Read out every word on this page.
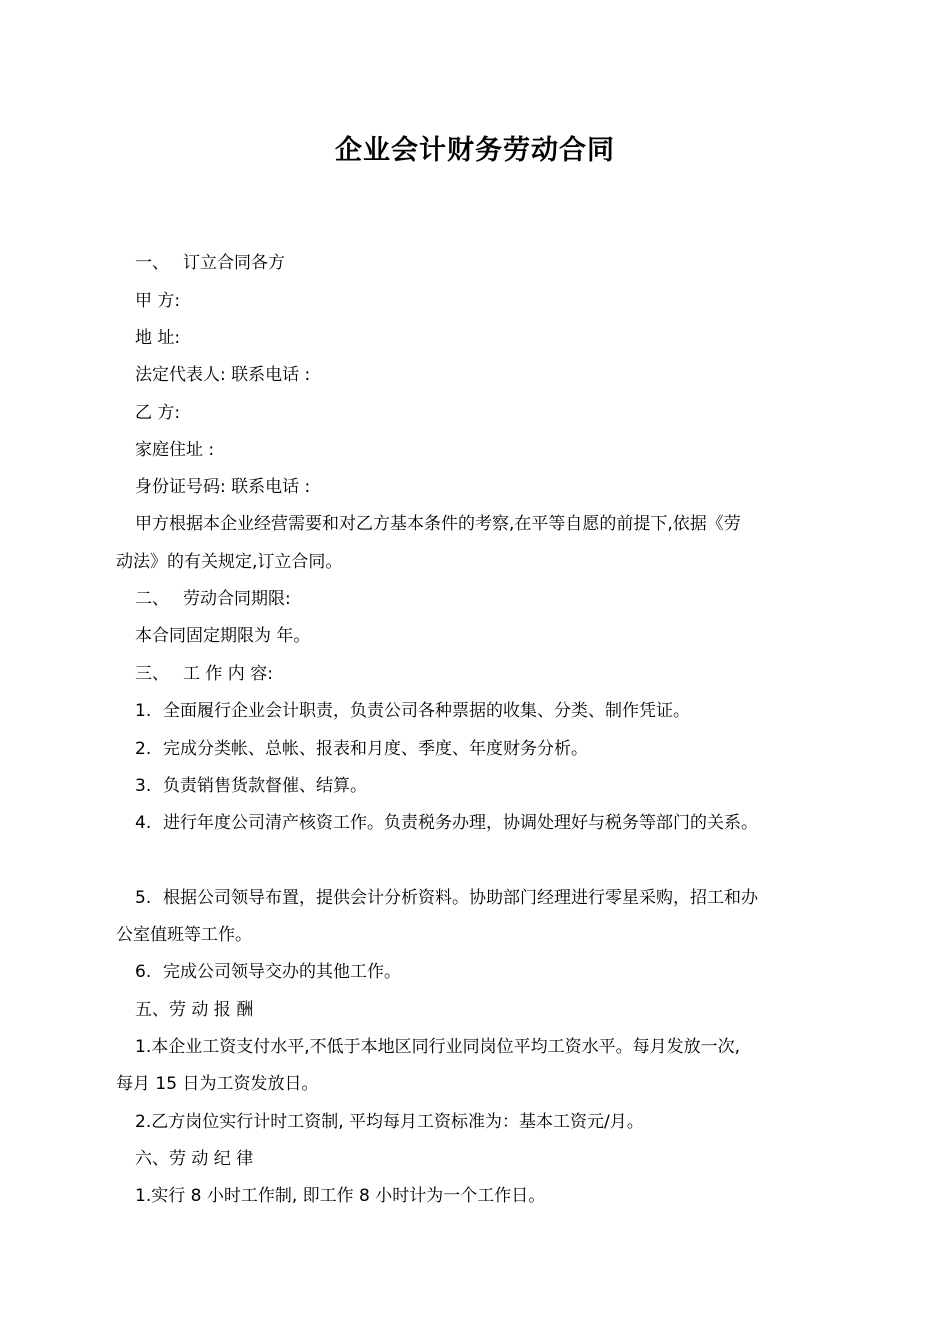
企业会计财务劳动合同

一、 订立合同各方

甲 方:

地 址:

法定代表人: 联系电话 :

乙 方:

家庭住址 :

身份证号码: 联系电话 :

甲方根据本企业经营需要和对乙方基本条件的考察,在平等自愿的前提下,依据《劳

动法》的有关规定,订立合同。

二、 劳动合同期限:

本合同固定期限为 年。

三、 工 作 内 容:

1. 全面履行企业会计职责，负责公司各种票据的收集、分类、制作凭证。

2. 完成分类帐、总帐、报表和月度、季度、年度财务分析。

3. 负责销售货款督催、结算。

4. 进行年度公司清产核资工作。负责税务办理，协调处理好与税务等部门的关系。

5. 根据公司领导布置，提供会计分析资料。协助部门经理进行零星采购，招工和办

公室值班等工作。

6. 完成公司领导交办的其他工作。

五、劳 动 报 酬

1.本企业工资支付水平,不低于本地区同行业同岗位平均工资水平。每月发放一次,

每月 15 日为工资发放日。

2.乙方岗位实行计时工资制, 平均每月工资标准为：基本工资元/月。

六、劳 动 纪 律

1.实行 8 小时工作制, 即工作 8 小时计为一个工作日。
